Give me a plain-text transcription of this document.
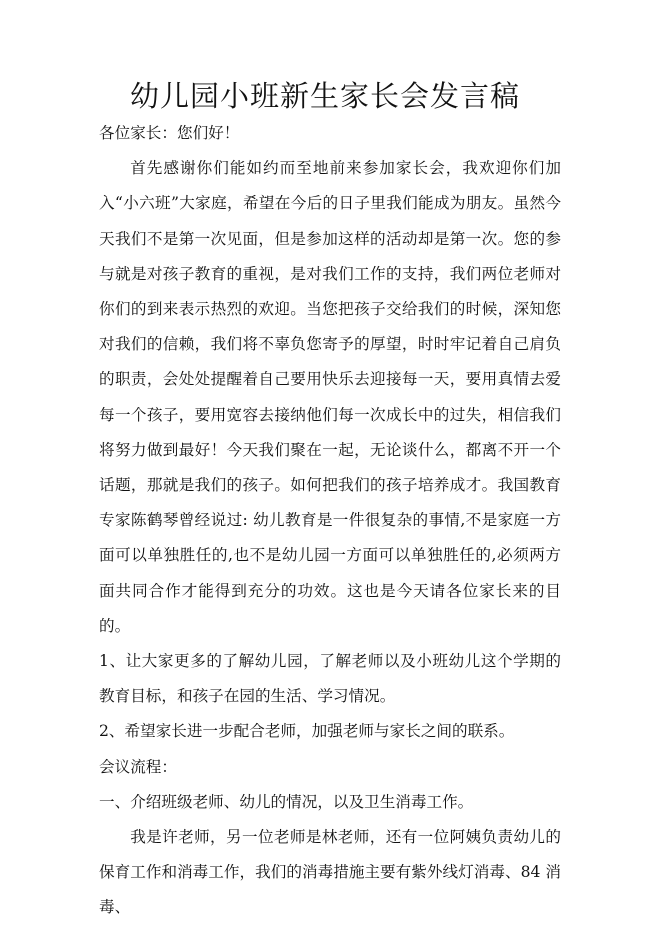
幼儿园小班新生家长会发言稿

各位家长：您们好！

首先感谢你们能如约而至地前来参加家长会，我欢迎你们加入“小六班”大家庭，希望在今后的日子里我们能成为朋友。虽然今天我们不是第一次见面，但是参加这样的活动却是第一次。您的参与就是对孩子教育的重视，是对我们工作的支持，我们两位老师对你们的到来表示热烈的欢迎。当您把孩子交给我们的时候，深知您对我们的信赖，我们将不辜负您寄予的厚望，时时牢记着自己肩负的职责，会处处提醒着自己要用快乐去迎接每一天，要用真情去爱每一个孩子，要用宽容去接纳他们每一次成长中的过失，相信我们将努力做到最好！今天我们聚在一起，无论谈什么，都离不开一个话题，那就是我们的孩子。如何把我们的孩子培养成才。我国教育专家陈鹤琴曾经说过: 幼儿教育是一件很复杂的事情,不是家庭一方面可以单独胜任的,也不是幼儿园一方面可以单独胜任的,必须两方面共同合作才能得到充分的功效。这也是今天请各位家长来的目的。

1、让大家更多的了解幼儿园，了解老师以及小班幼儿这个学期的教育目标，和孩子在园的生活、学习情况。

2、希望家长进一步配合老师，加强老师与家长之间的联系。

会议流程：

一、介绍班级老师、幼儿的情况，以及卫生消毒工作。

我是许老师，另一位老师是林老师，还有一位阿姨负责幼儿的保育工作和消毒工作，我们的消毒措施主要有紫外线灯消毒、84 消毒、
